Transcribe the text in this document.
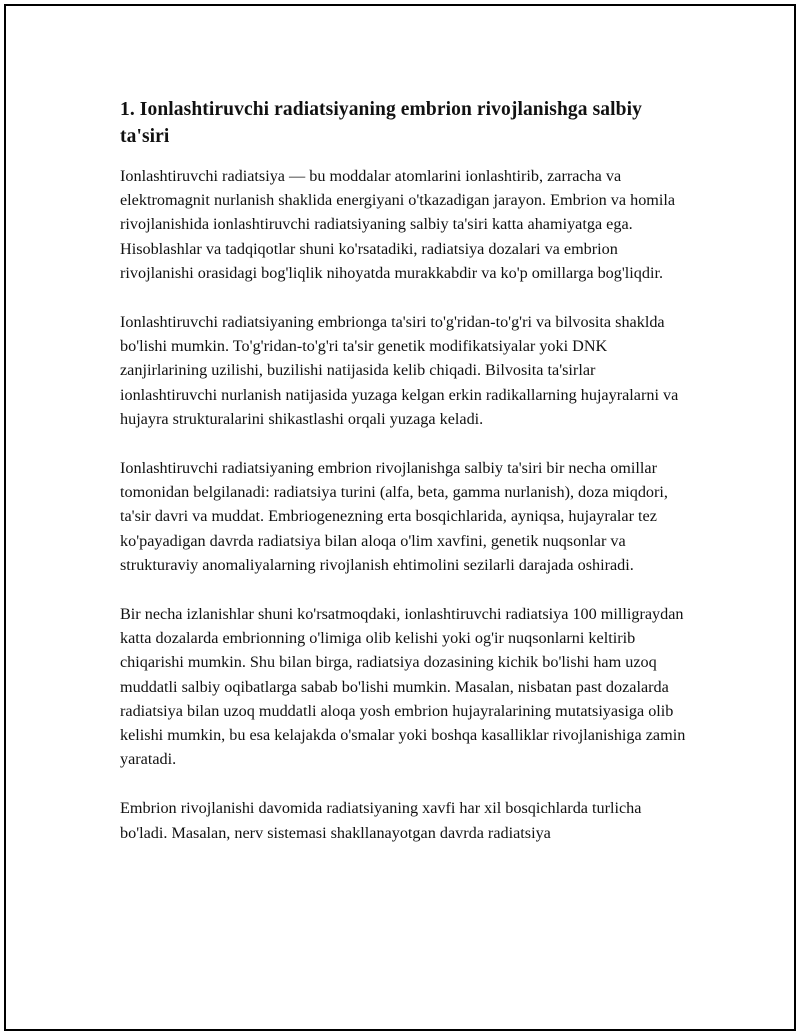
1. Ionlashtiruvchi radiatsiyaning embrion rivojlanishga salbiy ta'siri

Ionlashtiruvchi radiatsiya — bu moddalar atomlarini ionlashtirib, zarracha va elektromagnit nurlanish shaklida energiyani o'tkazadigan jarayon. Embrion va homila rivojlanishida ionlashtiruvchi radiatsiyaning salbiy ta'siri katta ahamiyatga ega. Hisoblashlar va tadqiqotlar shuni ko'rsatadiki, radiatsiya dozalari va embrion rivojlanishi orasidagi bog'liqlik nihoyatda murakkabdir va ko'p omillarga bog'liqdir.

Ionlashtiruvchi radiatsiyaning embrionga ta'siri to'g'ridan-to'g'ri va bilvosita shaklda bo'lishi mumkin. To'g'ridan-to'g'ri ta'sir genetik modifikatsiyalar yoki DNK zanjirlarining uzilishi, buzilishi natijasida kelib chiqadi. Bilvosita ta'sirlar ionlashtiruvchi nurlanish natijasida yuzaga kelgan erkin radikallarning hujayralarni va hujayra strukturalarini shikastlashi orqali yuzaga keladi.

Ionlashtiruvchi radiatsiyaning embrion rivojlanishga salbiy ta'siri bir necha omillar tomonidan belgilanadi: radiatsiya turini (alfa, beta, gamma nurlanish), doza miqdori, ta'sir davri va muddat. Embriogenezning erta bosqichlarida, ayniqsa, hujayralar tez ko'payadigan davrda radiatsiya bilan aloqa o'lim xavfini, genetik nuqsonlar va strukturaviy anomaliyalarning rivojlanish ehtimolini sezilarli darajada oshiradi.

Bir necha izlanishlar shuni ko'rsatmoqdaki, ionlashtiruvchi radiatsiya 100 milligraydan katta dozalarda embrionning o'limiga olib kelishi yoki og'ir nuqsonlarni keltirib chiqarishi mumkin. Shu bilan birga, radiatsiya dozasining kichik bo'lishi ham uzoq muddatli salbiy oqibatlarga sabab bo'lishi mumkin. Masalan, nisbatan past dozalarda radiatsiya bilan uzoq muddatli aloqa yosh embrion hujayralarining mutatsiyasiga olib kelishi mumkin, bu esa kelajakda o'smalar yoki boshqa kasalliklar rivojlanishiga zamin yaratadi.

Embrion rivojlanishi davomida radiatsiyaning xavfi har xil bosqichlarda turlicha bo'ladi. Masalan, nerv sistemasi shakllanayotgan davrda radiatsiya
